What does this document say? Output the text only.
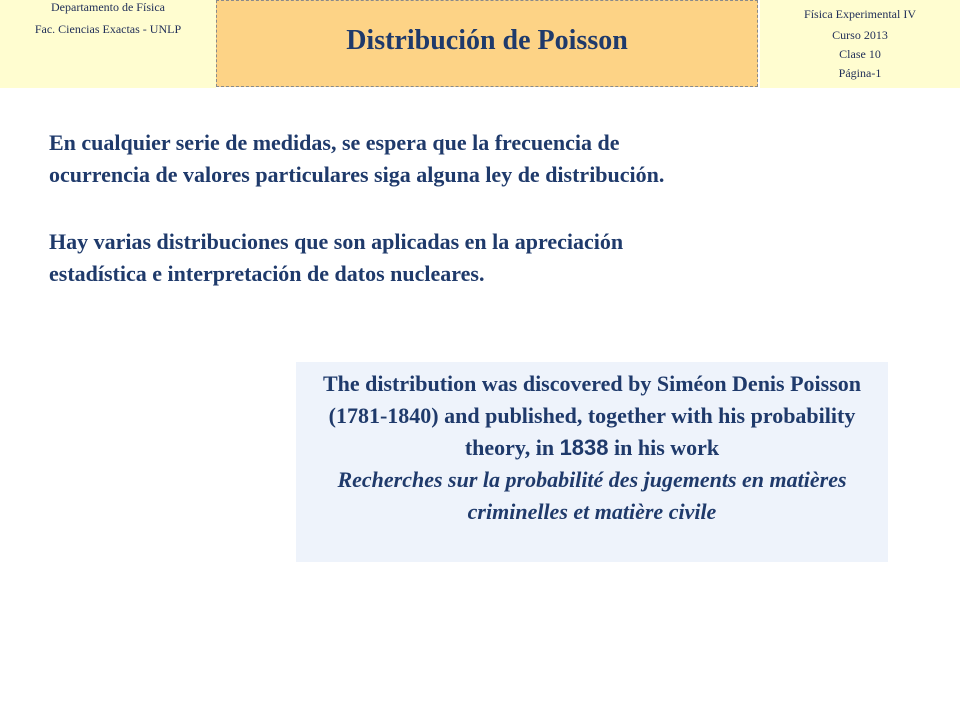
Departamento de Física
Fac. Ciencias Exactas - UNLP	Distribución de Poisson
Física Experimental IV
Curso 2013
Clase 10
Página-1
En cualquier serie de medidas, se espera que la frecuencia de
ocurrencia de valores particulares siga alguna ley de distribución.
Hay varias distribuciones que son aplicadas en la apreciación
estadística e interpretación de datos nucleares.
The distribution was discovered by Siméon Denis Poisson (1781-1840) and published, together with his probability theory, in 1838 in his work
Recherches sur la probabilité des jugements en matières criminelles et matière civile
